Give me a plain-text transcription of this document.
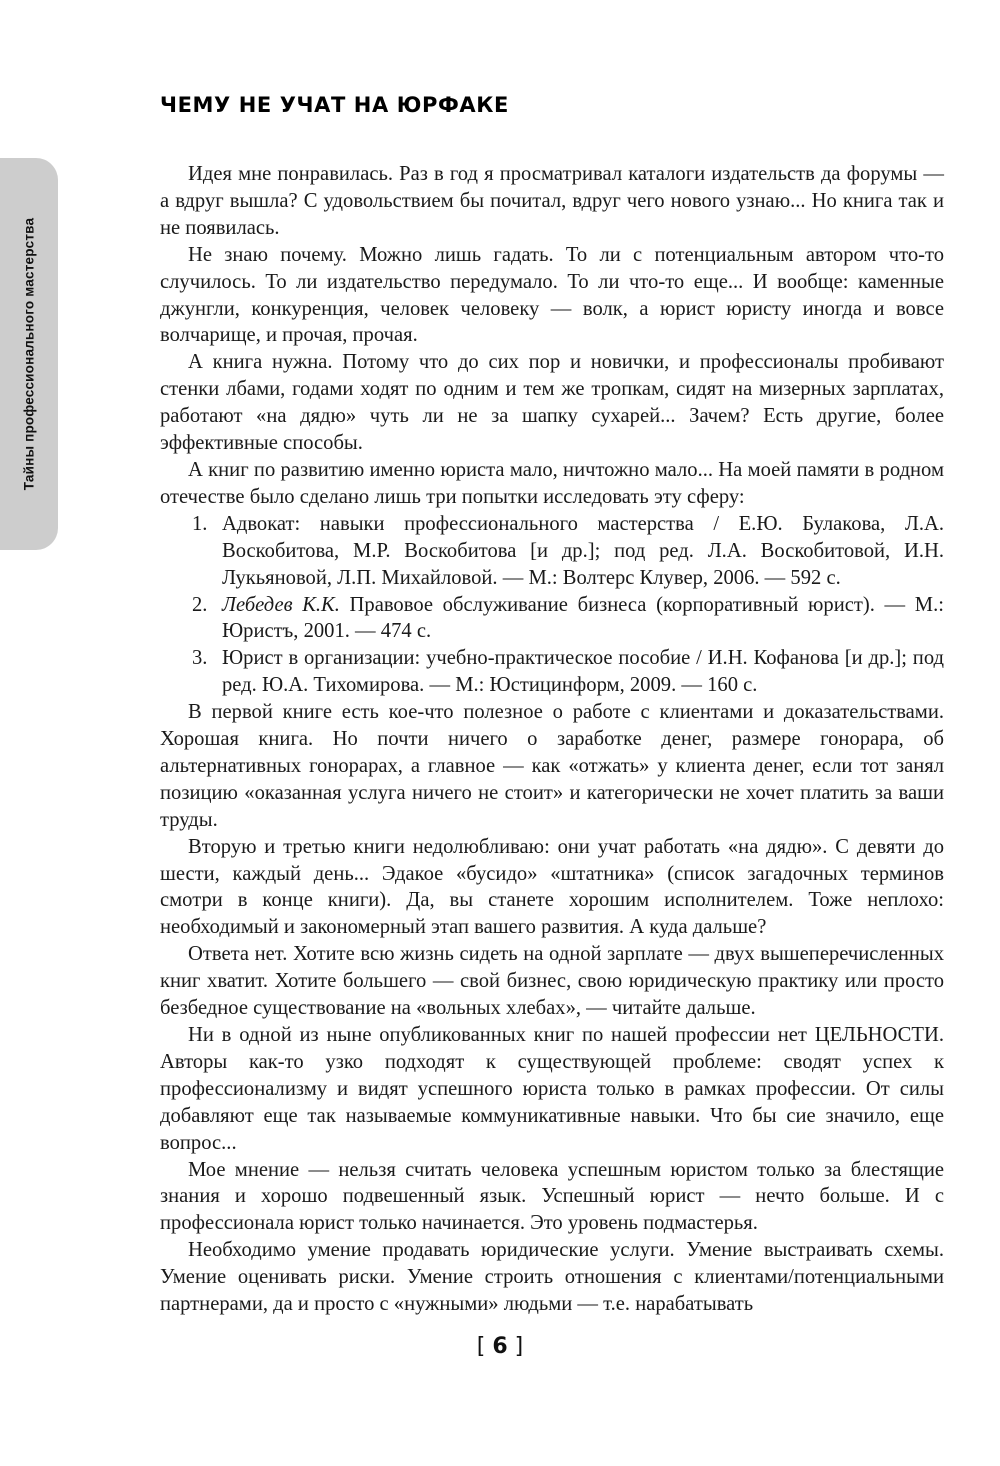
Тайны профессионального мастерства
ЧЕМУ НЕ УЧАТ НА ЮРФАКЕ

Идея мне понравилась. Раз в год я просматривал каталоги издательств да форумы — а вдруг вышла? С удовольствием бы почитал, вдруг чего нового узнаю... Но книга так и не появилась.

Не знаю почему. Можно лишь гадать. То ли с потенциальным автором что-то случилось. То ли издательство передумало. То ли что-то еще... И вообще: каменные джунгли, конкуренция, человек человеку — волк, а юрист юристу иногда и вовсе волчарище, и прочая, прочая.

А книга нужна. Потому что до сих пор и новички, и профессионалы пробивают стенки лбами, годами ходят по одним и тем же тропкам, сидят на мизерных зарплатах, работают «на дядю» чуть ли не за шапку сухарей... Зачем? Есть другие, более эффективные способы.

А книг по развитию именно юриста мало, ничтожно мало... На моей памяти в родном отечестве было сделано лишь три попытки исследовать эту сферу:

1. Адвокат: навыки профессионального мастерства / Е.Ю. Булакова, Л.А. Воскобитова, М.Р. Воскобитова [и др.]; под ред. Л.А. Воскобитовой, И.Н. Лукьяновой, Л.П. Михайловой. — М.: Волтерс Клувер, 2006. — 592 с.
2. Лебедев К.К. Правовое обслуживание бизнеса (корпоративный юрист). — М.: Юристъ, 2001. — 474 с.
3. Юрист в организации: учебно-практическое пособие / И.Н. Кофанова [и др.]; под ред. Ю.А. Тихомирова. — М.: Юстицинформ, 2009. — 160 с.

В первой книге есть кое-что полезное о работе с клиентами и доказательствами. Хорошая книга. Но почти ничего о заработке денег, размере гонорара, об альтернативных гонорарах, а главное — как «отжать» у клиента денег, если тот занял позицию «оказанная услуга ничего не стоит» и категорически не хочет платить за ваши труды.

Вторую и третью книги недолюбливаю: они учат работать «на дядю». С девяти до шести, каждый день... Эдакое «бусидо» «штатника» (список загадочных терминов смотри в конце книги). Да, вы станете хорошим исполнителем. Тоже неплохо: необходимый и закономерный этап вашего развития. А куда дальше?

Ответа нет. Хотите всю жизнь сидеть на одной зарплате — двух вышеперечисленных книг хватит. Хотите большего — свой бизнес, свою юридическую практику или просто безбедное существование на «вольных хлебах», — читайте дальше.

Ни в одной из ныне опубликованных книг по нашей профессии нет ЦЕЛЬНОСТИ. Авторы как-то узко подходят к существующей проблеме: сводят успех к профессионализму и видят успешного юриста только в рамках профессии. От силы добавляют еще так называемые коммуникативные навыки. Что бы сие значило, еще вопрос...

Мое мнение — нельзя считать человека успешным юристом только за блестящие знания и хорошо подвешенный язык. Успешный юрист — нечто больше. И с профессионала юрист только начинается. Это уровень подмастерья.

Необходимо умение продавать юридические услуги. Умение выстраивать схемы. Умение оценивать риски. Умение строить отношения с клиентами/потенциальными партнерами, да и просто с «нужными» людьми — т.е. нарабатывать

[ 6 ]
